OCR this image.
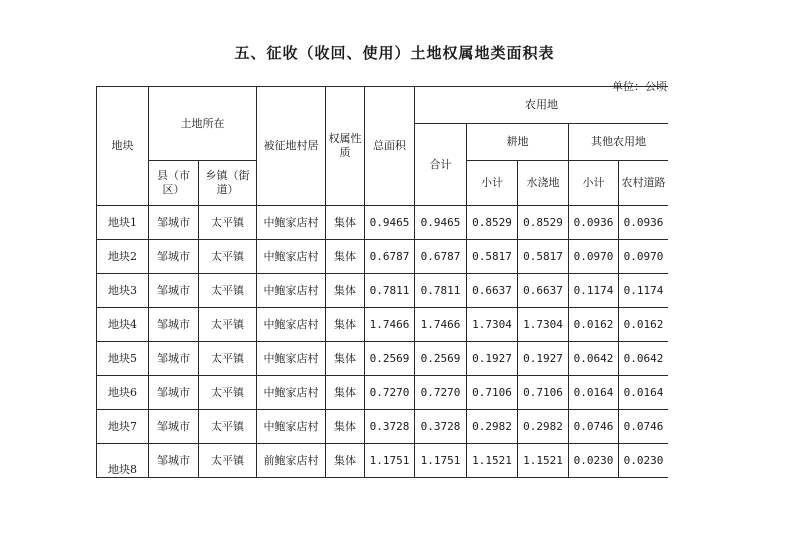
五、征收（收回、使用）土地权属地类面积表
单位：公顷
地块	土地所在		被征地村居	权属性质	总面积	农用地				
						合计	耕地		其他农用地	
	县（市区）	乡镇（街道）					小计	水浇地	小计	农村道路
地块1	邹城市	太平镇	中鲍家店村	集体	0.9465	0.9465	0.8529	0.8529	0.0936	0.0936
地块2	邹城市	太平镇	中鲍家店村	集体	0.6787	0.6787	0.5817	0.5817	0.0970	0.0970
地块3	邹城市	太平镇	中鲍家店村	集体	0.7811	0.7811	0.6637	0.6637	0.1174	0.1174
地块4	邹城市	太平镇	中鲍家店村	集体	1.7466	1.7466	1.7304	1.7304	0.0162	0.0162
地块5	邹城市	太平镇	中鲍家店村	集体	0.2569	0.2569	0.1927	0.1927	0.0642	0.0642
地块6	邹城市	太平镇	中鲍家店村	集体	0.7270	0.7270	0.7106	0.7106	0.0164	0.0164
地块7	邹城市	太平镇	中鲍家店村	集体	0.3728	0.3728	0.2982	0.2982	0.0746	0.0746
地块8	邹城市	太平镇	前鲍家店村	集体	1.1751	1.1751	1.1521	1.1521	0.0230	0.0230
